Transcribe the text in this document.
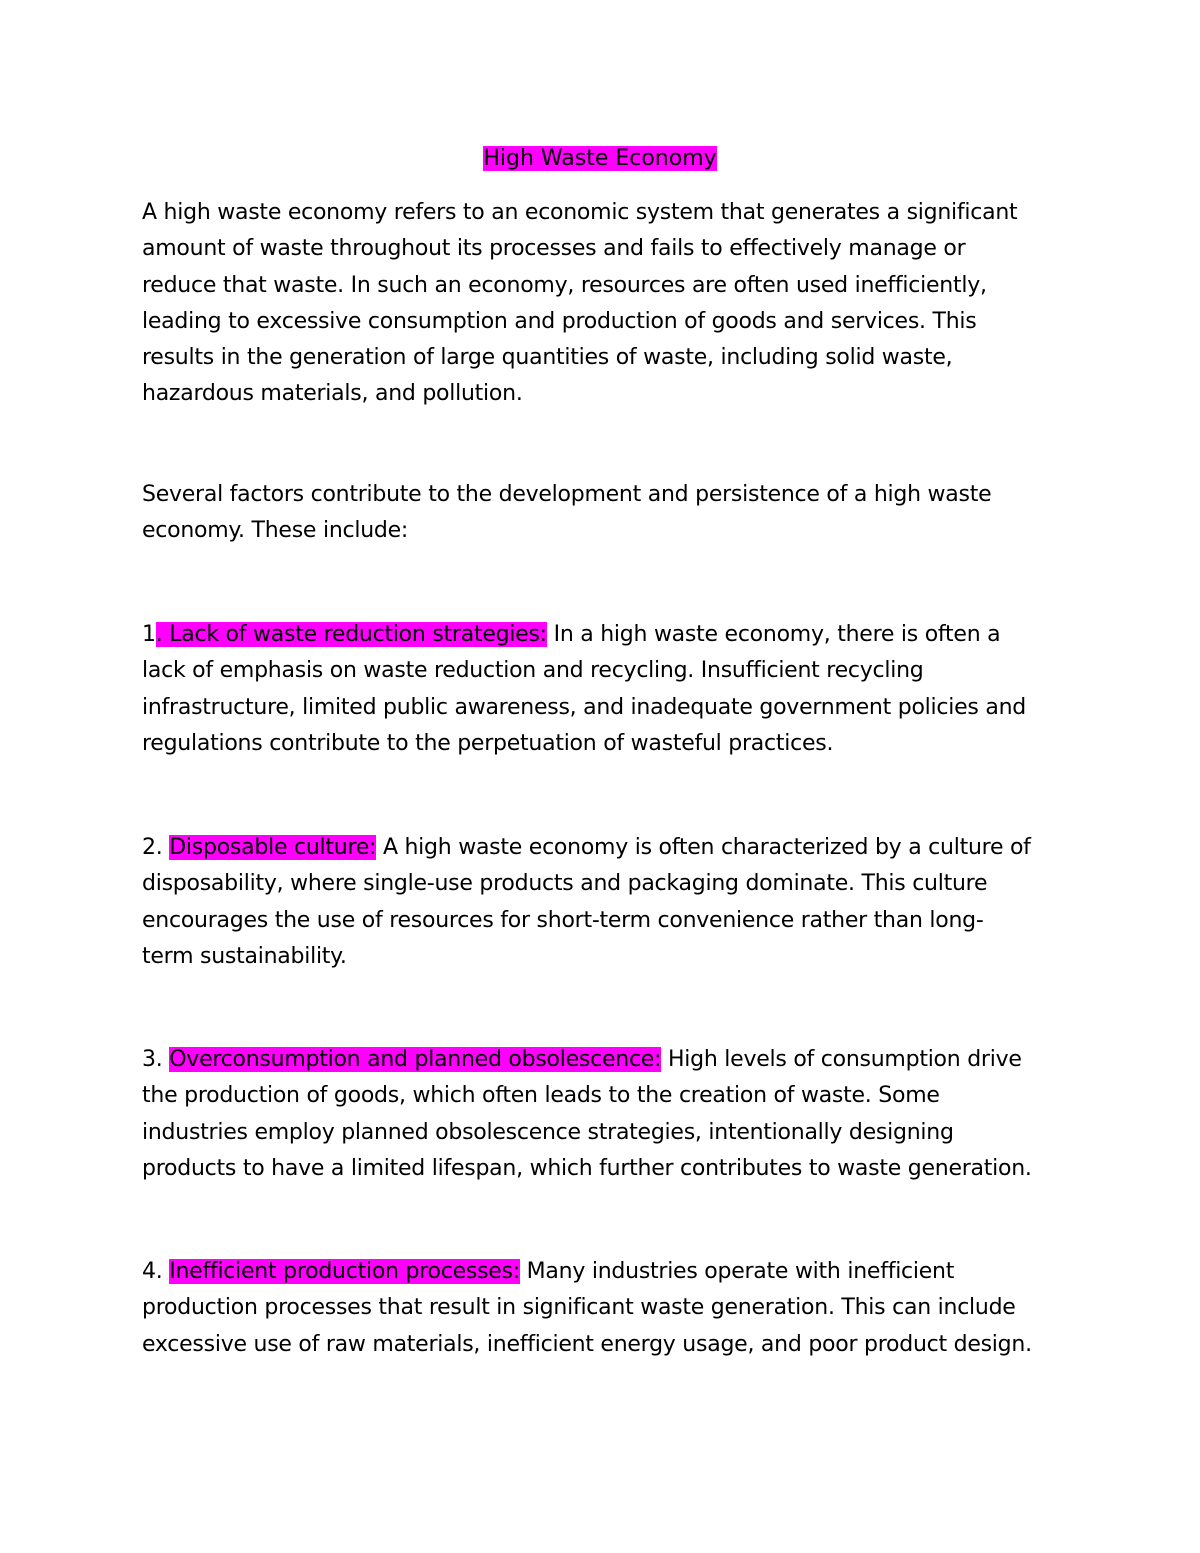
High Waste Economy
A high waste economy refers to an economic system that generates a significant
amount of waste throughout its processes and fails to effectively manage or
reduce that waste. In such an economy, resources are often used inefficiently,
leading to excessive consumption and production of goods and services. This
results in the generation of large quantities of waste, including solid waste,
hazardous materials, and pollution.
Several factors contribute to the development and persistence of a high waste
economy. These include:
1. Lack of waste reduction strategies: In a high waste economy, there is often a
lack of emphasis on waste reduction and recycling. Insufficient recycling
infrastructure, limited public awareness, and inadequate government policies and
regulations contribute to the perpetuation of wasteful practices.
2. Disposable culture: A high waste economy is often characterized by a culture of
disposability, where single-use products and packaging dominate. This culture
encourages the use of resources for short-term convenience rather than long-
term sustainability.
3. Overconsumption and planned obsolescence: High levels of consumption drive
the production of goods, which often leads to the creation of waste. Some
industries employ planned obsolescence strategies, intentionally designing
products to have a limited lifespan, which further contributes to waste generation.
4. Inefficient production processes: Many industries operate with inefficient
production processes that result in significant waste generation. This can include
excessive use of raw materials, inefficient energy usage, and poor product design.
